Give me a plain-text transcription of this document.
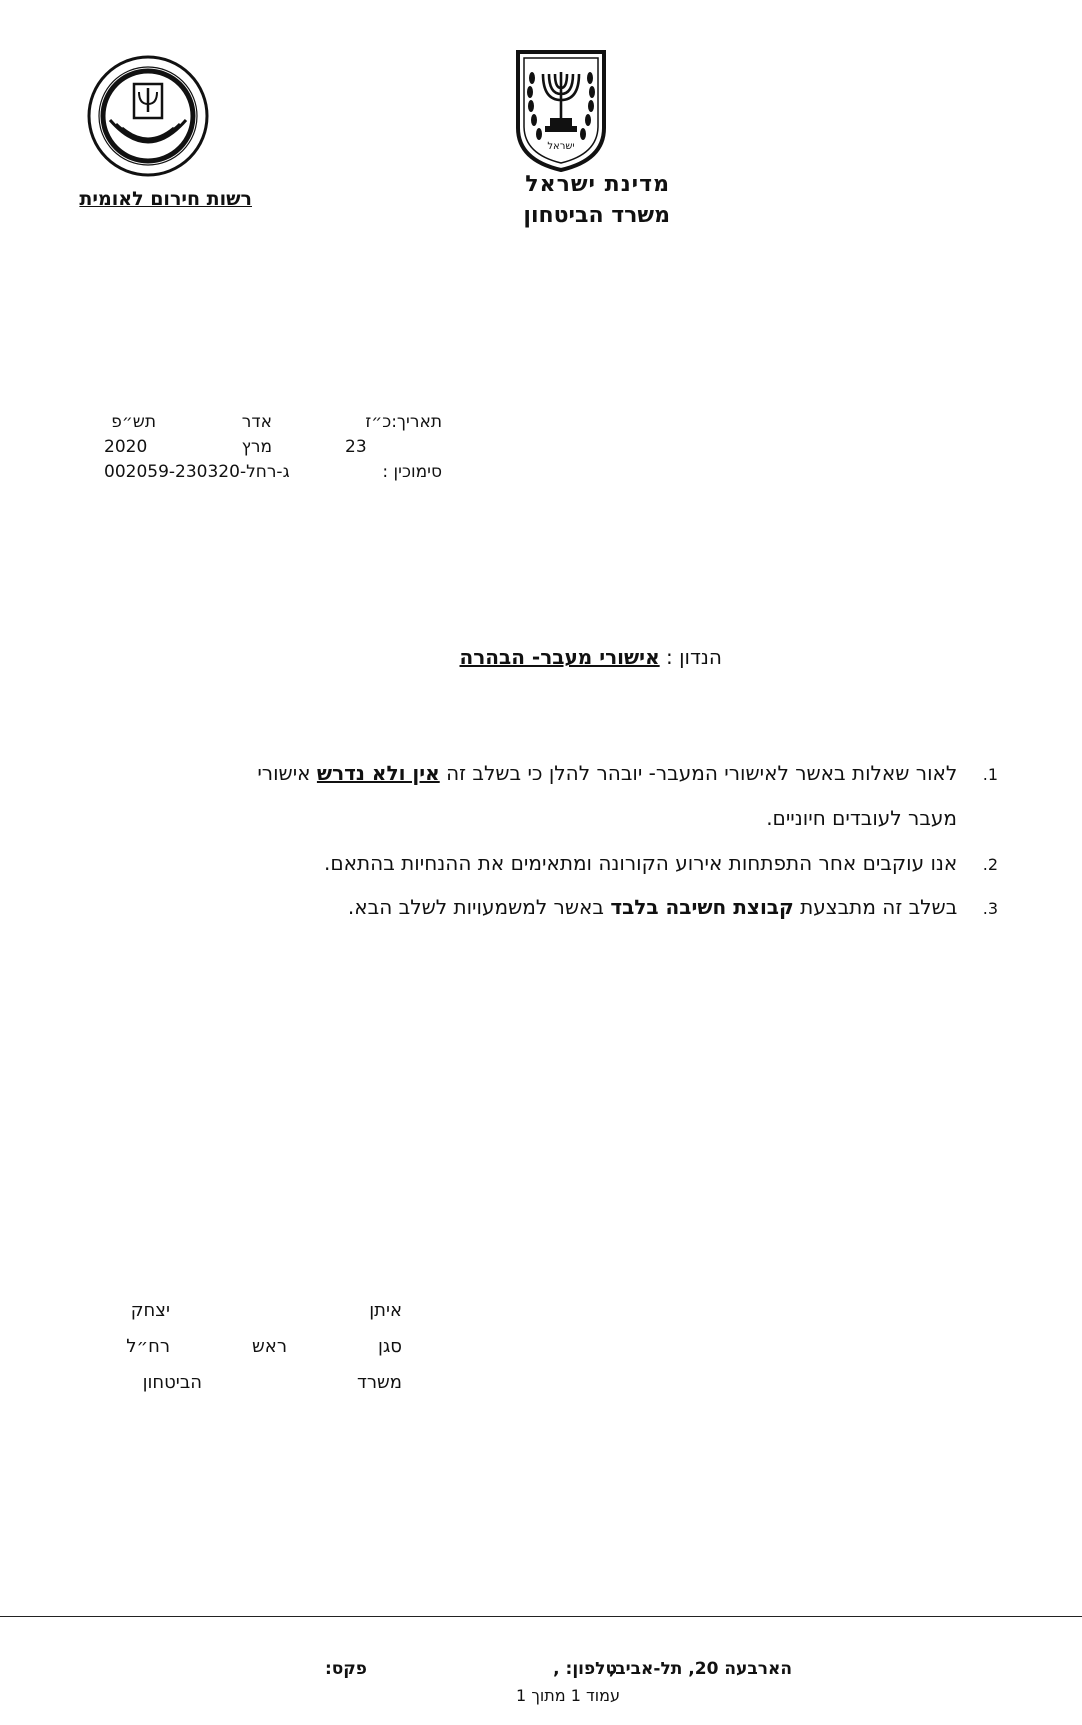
ישראל
מדינת ישראל
משרד הביטחון
רשות חירום לאומית
תאריך:כ״ז
אדר
תש״פ
23
מרץ
2020
סימוכין :
ג-רחל-002059-230320
הנדון : אישורי מעבר- הבהרה
1.    לאור שאלות באשר לאישורי המעבר- יובהר להלן כי בשלב זה אין ולא נדרש אישורי
מעבר לעובדים חיוניים.
2.    אנו עוקבים אחר התפתחות אירוע הקורונה ומתאימים את ההנחיות בהתאם.
3.    בשלב זה מתבצעת קבוצת חשיבה בלבד באשר למשמעויות לשלב הבא.
איתן
יצחק
סגן
ראש
רח״ל
משרד
הביטחון
הארבעה 20, תל-אביב,
טלפון: ,
פקס:
עמוד 1 מתוך 1
